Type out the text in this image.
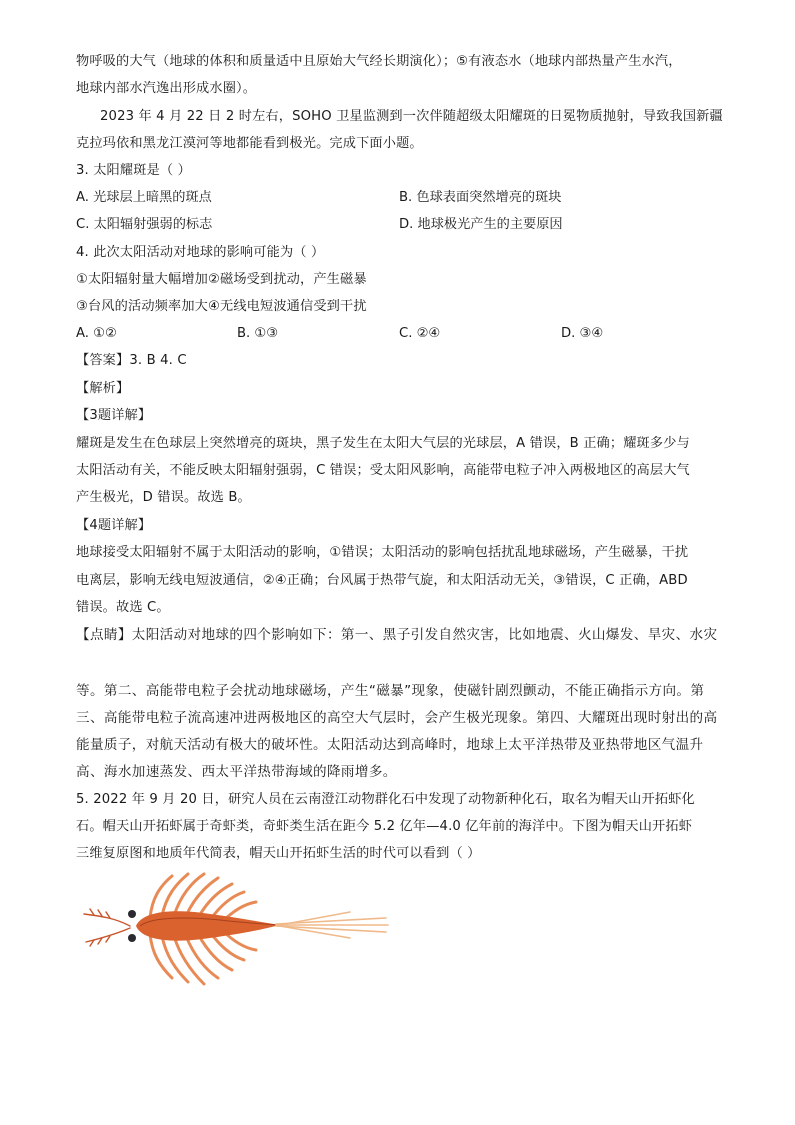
物呼吸的大气（地球的体积和质量适中且原始大气经长期演化）；⑤有液态水（地球内部热量产生水汽，
地球内部水汽逸出形成水圈）。
2023 年 4 月 22 日 2 时左右，SOHO 卫星监测到一次伴随超级太阳耀斑的日冕物质抛射，导致我国新疆
克拉玛依和黑龙江漠河等地都能看到极光。完成下面小题。
3. 太阳耀斑是（ ）
A. 光球层上暗黑的斑点	B. 色球表面突然增亮的斑块
C. 太阳辐射强弱的标志	D. 地球极光产生的主要原因
4. 此次太阳活动对地球的影响可能为（ ）
①太阳辐射量大幅增加②磁场受到扰动，产生磁暴
③台风的活动频率加大④无线电短波通信受到干扰
A. ①②	B. ①③	C. ②④	D. ③④
【答案】3. B 4. C
【解析】
【3题详解】
耀斑是发生在色球层上突然增亮的斑块，黑子发生在太阳大气层的光球层，A 错误，B 正确；耀斑多少与
太阳活动有关，不能反映太阳辐射强弱，C 错误；受太阳风影响，高能带电粒子冲入两极地区的高层大气
产生极光，D 错误。故选 B。
【4题详解】
地球接受太阳辐射不属于太阳活动的影响，①错误；太阳活动的影响包括扰乱地球磁场，产生磁暴，干扰
电离层，影响无线电短波通信，②④正确；台风属于热带气旋，和太阳活动无关，③错误，C 正确，ABD
错误。故选 C。
【点睛】太阳活动对地球的四个影响如下：第一、黑子引发自然灾害，比如地震、火山爆发、旱灾、水灾
等。第二、高能带电粒子会扰动地球磁场，产生“磁暴”现象，使磁针剧烈颤动，不能正确指示方向。第
三、高能带电粒子流高速冲进两极地区的高空大气层时，会产生极光现象。第四、大耀斑出现时射出的高
能量质子，对航天活动有极大的破坏性。太阳活动达到高峰时，地球上太平洋热带及亚热带地区气温升
高、海水加速蒸发、西太平洋热带海域的降雨增多。
5. 2022 年 9 月 20 日，研究人员在云南澄江动物群化石中发现了动物新种化石，取名为帽天山开拓虾化
石。帽天山开拓虾属于奇虾类，奇虾类生活在距今 5.2 亿年—4.0 亿年前的海洋中。下图为帽天山开拓虾
三维复原图和地质年代简表，帽天山开拓虾生活的时代可以看到（ ）
